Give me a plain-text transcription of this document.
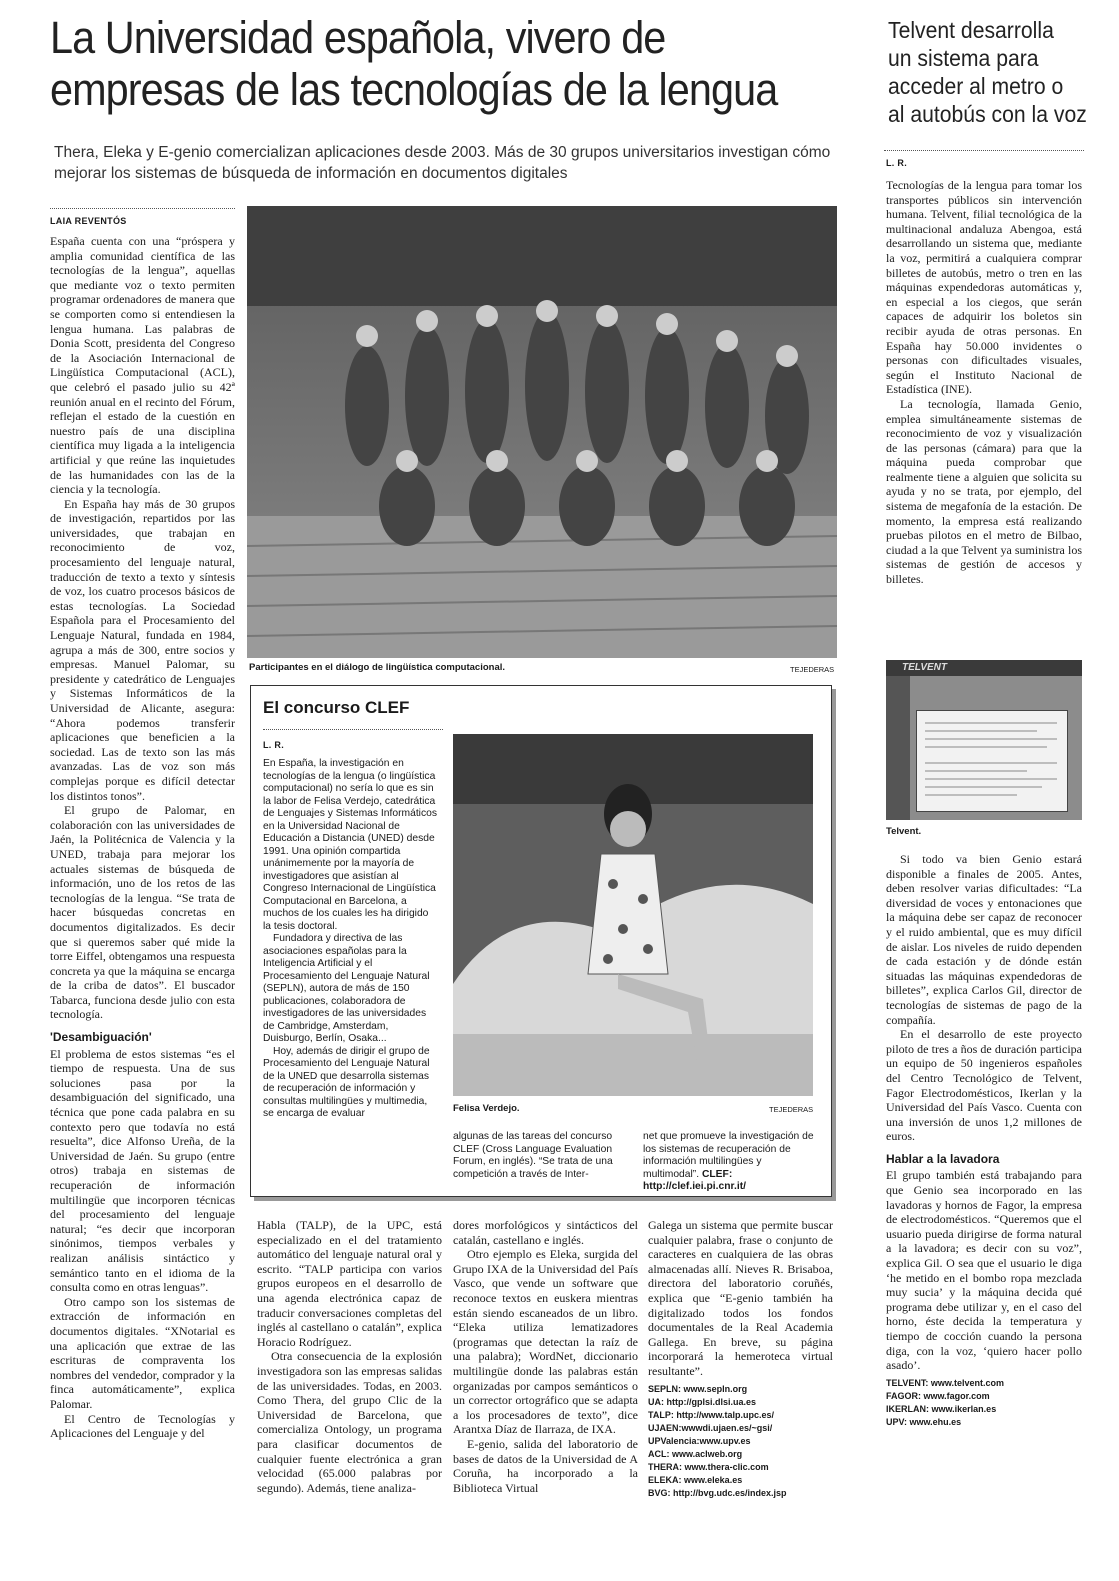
La Universidad española, vivero de
empresas de las tecnologías de la lengua
Thera, Eleka y E-genio comercializan aplicaciones desde 2003. Más de 30 grupos universitarios investigan cómo mejorar los sistemas de búsqueda de información en documentos digitales
LAIA REVENTÓS
Telvent desarrolla
un sistema para
acceder al metro o
al autobús con la voz
L. R.
Participantes en el diálogo de lingüística computacional.	TEJEDERAS

España cuenta con una “próspera y amplia comunidad científica de las tecnologías de la lengua”, aquellas que mediante voz o texto permiten programar ordenadores de manera que se comporten como si entendiesen la lengua humana. Las palabras de Donia Scott, presidenta del Congreso de la Asociación Internacional de Lingüística Computacional (ACL), que celebró el pasado julio su 42ª reunión anual en el recinto del Fórum, reflejan el estado de la cuestión en nuestro país de una disciplina científica muy ligada a la inteligencia artificial y que reúne las inquietudes de las humanidades con las de la ciencia y la tecnología.

En España hay más de 30 grupos de investigación, repartidos por las universidades, que trabajan en reconocimiento de voz, procesamiento del lenguaje natural, traducción de texto a texto y síntesis de voz, los cuatro procesos básicos de estas tecnologías. La Sociedad Española para el Procesamiento del Lenguaje Natural, fundada en 1984, agrupa a más de 300, entre socios y empresas. Manuel Palomar, su presidente y catedrático de Lenguajes y Sistemas Informáticos de la Universidad de Alicante, asegura: “Ahora podemos transferir aplicaciones que beneficien a la sociedad. Las de texto son las más avanzadas. Las de voz son más complejas porque es difícil detectar los distintos tonos”.

El grupo de Palomar, en colaboración con las universidades de Jaén, la Politécnica de Valencia y la UNED, trabaja para mejorar los actuales sistemas de búsqueda de información, uno de los retos de las tecnologías de la lengua. “Se trata de hacer búsquedas concretas en documentos digitalizados. Es decir que si queremos saber qué mide la torre Eiffel, obtengamos una respuesta concreta ya que la máquina se encarga de la criba de datos”. El buscador Tabarca, funciona desde julio con esta tecnología.

'Desambiguación'

El problema de estos sistemas “es el tiempo de respuesta. Una de sus soluciones pasa por la desambiguación del significado, una técnica que pone cada palabra en su contexto pero que todavía no está resuelta”, dice Alfonso Ureña, de la Universidad de Jaén. Su grupo (entre otros) trabaja en sistemas de recuperación de información multilingüe que incorporen técnicas del procesamiento del lenguaje natural; “es decir que incorporan sinónimos, tiempos verbales y realizan análisis sintáctico y semántico tanto en el idioma de la consulta como en otras lenguas”.

Otro campo son los sistemas de extracción de información en documentos digitales. “XNotarial es una aplicación que extrae de las escrituras de compraventa los nombres del vendedor, comprador y la finca automáticamente”, explica Palomar.

El Centro de Tecnologías y Aplicaciones del Lenguaje y del

El concurso CLEF
L. R.

En España, la investigación en tecnologías de la lengua (o lingüística computacional) no sería lo que es sin la labor de Felisa Verdejo, catedrática de Lenguajes y Sistemas Informáticos en la Universidad Nacional de Educación a Distancia (UNED) desde 1991. Una opinión compartida unánimemente por la mayoría de investigadores que asistían al Congreso Internacional de Lingüística Computacional en Barcelona, a muchos de los cuales les ha dirigido la tesis doctoral.

Fundadora y directiva de las asociaciones españolas para la Inteligencia Artificial y el Procesamiento del Lenguaje Natural (SEPLN), autora de más de 150 publicaciones, colaboradora de investigadores de las universidades de Cambridge, Amsterdam, Duisburgo, Berlín, Osaka...

Hoy, además de dirigir el grupo de Procesamiento del Lenguaje Natural de la UNED que desarrolla sistemas de recuperación de información y consultas multilingües y multimedia, se encarga de evaluar	Felisa Verdejo.	TEJEDERAS
algunas de las tareas del concurso CLEF (Cross Language Evaluation Forum, en inglés). “Se trata de una competición a través de Inter-
net que promueve la investigación de los sistemas de recuperación de información multilingües y multimodal”. CLEF: http://clef.iei.pi.cnr.it/

Habla (TALP), de la UPC, está especializado en el del tratamiento automático del lenguaje natural oral y escrito. “TALP participa con varios grupos europeos en el desarrollo de una agenda electrónica capaz de traducir conversaciones completas del inglés al castellano o catalán”, explica Horacio Rodríguez.

Otra consecuencia de la explosión investigadora son las empresas salidas de las universidades. Todas, en 2003. Como Thera, del grupo Clic de la Universidad de Barcelona, que comercializa Ontology, un programa para clasificar documentos de cualquier fuente electrónica a gran velocidad (65.000 palabras por segundo). Además, tiene analiza-

dores morfológicos y sintácticos del catalán, castellano e inglés.

Otro ejemplo es Eleka, surgida del Grupo IXA de la Universidad del País Vasco, que vende un software que reconoce textos en euskera mientras están siendo escaneados de un libro. “Eleka utiliza lematizadores (programas que detectan la raíz de una palabra); WordNet, diccionario multilingüe donde las palabras están organizadas por campos semánticos o un corrector ortográfico que se adapta a los procesadores de texto”, dice Arantxa Díaz de Ilarraza, de IXA.

E-genio, salida del laboratorio de bases de datos de la Universidad de A Coruña, ha incorporado a la Biblioteca Virtual

Galega un sistema que permite buscar cualquier palabra, frase o conjunto de caracteres en cualquiera de las obras almacenadas allí. Nieves R. Brisaboa, directora del laboratorio coruñés, explica que “E-genio también ha digitalizado todos los fondos documentales de la Real Academia Gallega. En breve, su página incorporará la hemeroteca virtual resultante”.

SEPLN: www.sepln.org
UA: http://gplsi.dlsi.ua.es
TALP: http://www.talp.upc.es/
UJAEN:wwwdi.ujaen.es/~gsi/
UPValencia:www.upv.es
ACL: www.aclweb.org
THERA: www.thera-clic.com
ELEKA: www.eleka.es
BVG: http://bvg.udc.es/index.jsp

Tecnologías de la lengua para tomar los transportes públicos sin intervención humana. Telvent, filial tecnológica de la multinacional andaluza Abengoa, está desarrollando un sistema que, mediante la voz, permitirá a cualquiera comprar billetes de autobús, metro o tren en las máquinas expendedoras automáticas y, en especial a los ciegos, que serán capaces de adquirir los boletos sin recibir ayuda de otras personas. En España hay 50.000 invidentes o personas con dificultades visuales, según el Instituto Nacional de Estadística (INE).

La tecnología, llamada Genio, emplea simultáneamente sistemas de reconocimiento de voz y visualización de las personas (cámara) para que la máquina pueda comprobar que realmente tiene a alguien que solicita su ayuda y no se trata, por ejemplo, del sistema de megafonía de la estación. De momento, la empresa está realizando pruebas pilotos en el metro de Bilbao, ciudad a la que Telvent ya suministra los sistemas de gestión de accesos y billetes.

TELVENT
Telvent.

Si todo va bien Genio estará disponible a finales de 2005. Antes, deben resolver varias dificultades: “La diversidad de voces y entonaciones que la máquina debe ser capaz de reconocer y el ruido ambiental, que es muy difícil de aislar. Los niveles de ruido dependen de cada estación y de dónde están situadas las máquinas expendedoras de billetes”, explica Carlos Gil, director de tecnologías de sistemas de pago de la compañía.

En el desarrollo de este proyecto piloto de tres a ños de duración participa un equipo de 50 ingenieros españoles del Centro Tecnológico de Telvent, Fagor Electrodomésticos, Ikerlan y la Universidad del País Vasco. Cuenta con una inversión de unos 1,2 millones de euros.

Hablar a la lavadora

El grupo también está trabajando para que Genio sea incorporado en las lavadoras y hornos de Fagor, la empresa de electrodomésticos. “Queremos que el usuario pueda dirigirse de forma natural a la lavadora; es decir con su voz”, explica Gil. O sea que el usuario le diga ‘he metido en el bombo ropa mezclada muy sucia’ y la máquina decida qué programa debe utilizar y, en el caso del horno, éste decida la temperatura y tiempo de cocción cuando la persona diga, con la voz, ‘quiero hacer pollo asado’.

TELVENT: www.telvent.com
FAGOR: www.fagor.com
IKERLAN: www.ikerlan.es
UPV: www.ehu.es
